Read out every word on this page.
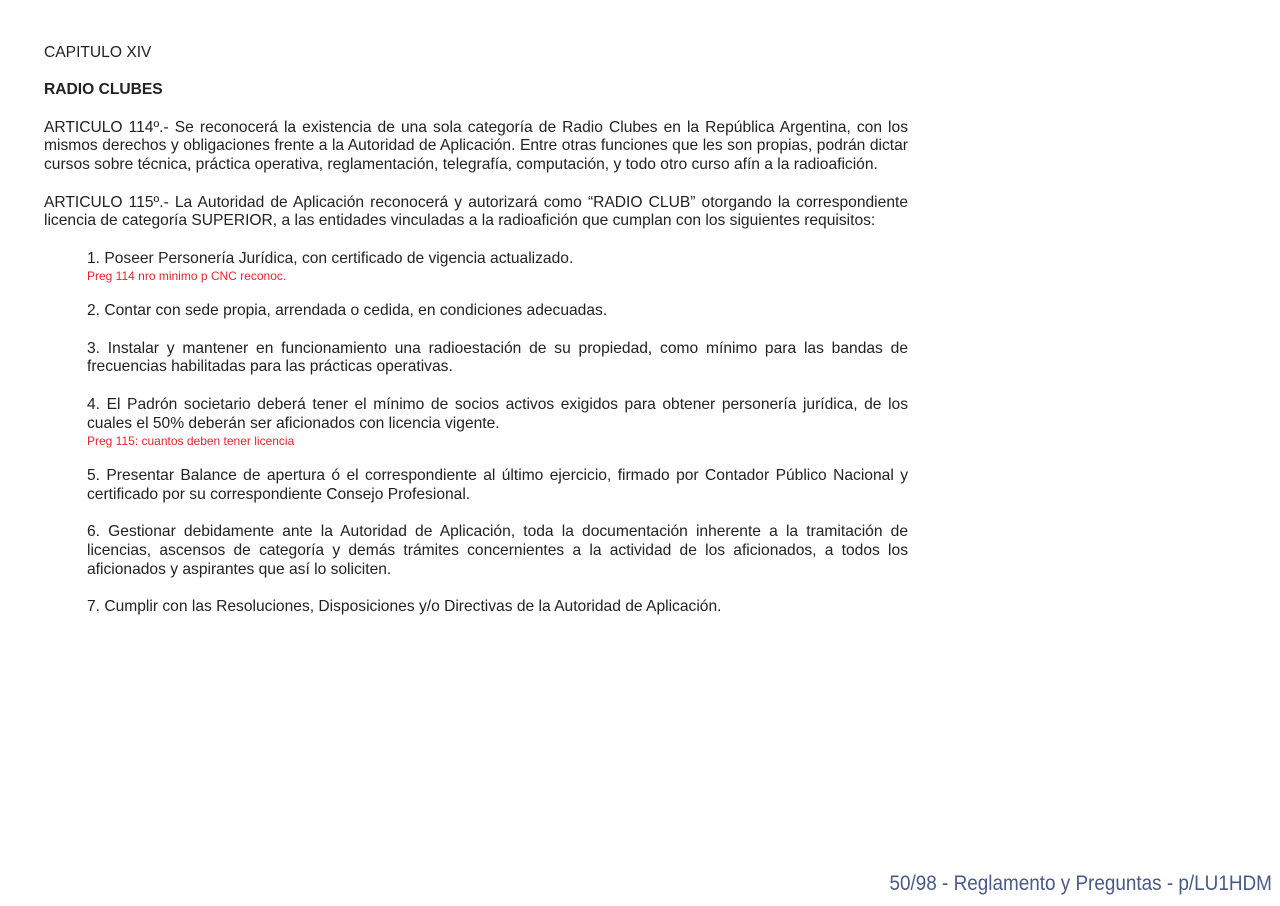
CAPITULO XIV
RADIO CLUBES

ARTICULO 114º.- Se reconocerá la existencia de una sola categoría de Radio Clubes en la República Argentina, con los mismos derechos y obligaciones frente a la Autoridad de Aplicación. Entre otras funciones que les son propias, podrán dictar cursos sobre técnica, práctica operativa, reglamentación, telegrafía, computación, y todo otro curso afín a la radioafición.

ARTICULO 115º.- La Autoridad de Aplicación reconocerá y autorizará como “RADIO CLUB” otorgando la correspondiente licencia de categoría SUPERIOR, a las entidades vinculadas a la radioafición que cumplan con los siguientes requisitos:

1. Poseer Personería Jurídica, con certificado de vigencia actualizado.
Preg 114 nro minimo p CNC reconoc.
2. Contar con sede propia, arrendada o cedida, en condiciones adecuadas.
3. Instalar y mantener en funcionamiento una radioestación de su propiedad, como mínimo para las bandas de frecuencias habilitadas para las prácticas operativas.
4. El Padrón societario deberá tener el mínimo de socios activos exigidos para obtener personería jurídica, de los cuales el 50% deberán ser aficionados con licencia vigente.
Preg 115: cuantos deben tener licencia
5. Presentar Balance de apertura ó el correspondiente al último ejercicio, firmado por Contador Público Nacional y certificado por su correspondiente Consejo Profesional.
6. Gestionar debidamente ante la Autoridad de Aplicación, toda la documentación inherente a la tramitación de licencias, ascensos de categoría y demás trámites concernientes a la actividad de los aficionados, a todos los aficionados y aspirantes que así lo soliciten.
7. Cumplir con las Resoluciones, Disposiciones y/o Directivas de la Autoridad de Aplicación.
50/98 - Reglamento y Preguntas - p/LU1HDM
